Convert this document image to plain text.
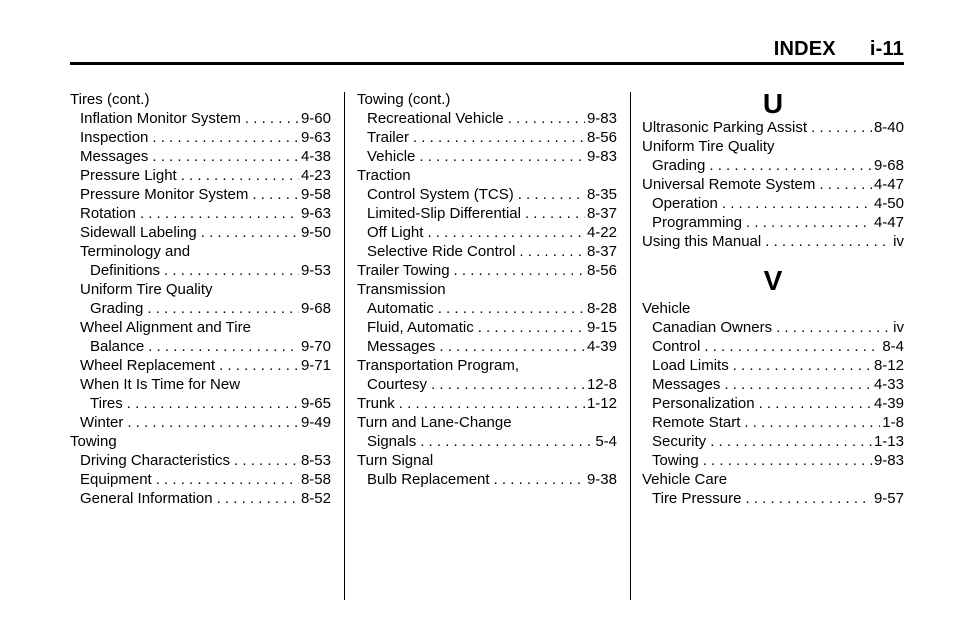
INDEX i-11
Tires (cont.)
Inflation Monitor System . . .	9-60
Inspection . . .	9-63
Messages . . .	4-38
Pressure Light . . .	4-23
Pressure Monitor System . . .	9-58
Rotation . . .	9-63
Sidewall Labeling . . .	9-50
Terminology and
Definitions . . .	9-53
Uniform Tire Quality
Grading . . .	9-68
Wheel Alignment and Tire
Balance . . .	9-70
Wheel Replacement . . .	9-71
When It Is Time for New
Tires . . .	9-65
Winter . . .	9-49
Towing
Driving Characteristics . . .	8-53
Equipment . . .	8-58
General Information . . .	8-52
Towing (cont.)
Recreational Vehicle . . .	9-83
Trailer . . .	8-56
Vehicle . . .	9-83
Traction
Control System (TCS) . . .	8-35
Limited-Slip Differential . . .	8-37
Off Light . . .	4-22
Selective Ride Control . . .	8-37
Trailer Towing . . .	8-56
Transmission
Automatic . . .	8-28
Fluid, Automatic . . .	9-15
Messages . . .	4-39
Transportation Program,
Courtesy . . .	12-8
Trunk . . .	1-12
Turn and Lane-Change
Signals . . .	5-4
Turn Signal
Bulb Replacement . . .	9-38
U
Ultrasonic Parking Assist . . .	8-40
Uniform Tire Quality
Grading . . .	9-68
Universal Remote System . . .	4-47
Operation . . .	4-50
Programming . . .	4-47
Using this Manual . . .	iv
V
Vehicle
Canadian Owners . . .	iv
Control . . .	8-4
Load Limits . . .	8-12
Messages . . .	4-33
Personalization . . .	4-39
Remote Start . . .	1-8
Security . . .	1-13
Towing . . .	9-83
Vehicle Care
Tire Pressure . . .	9-57
